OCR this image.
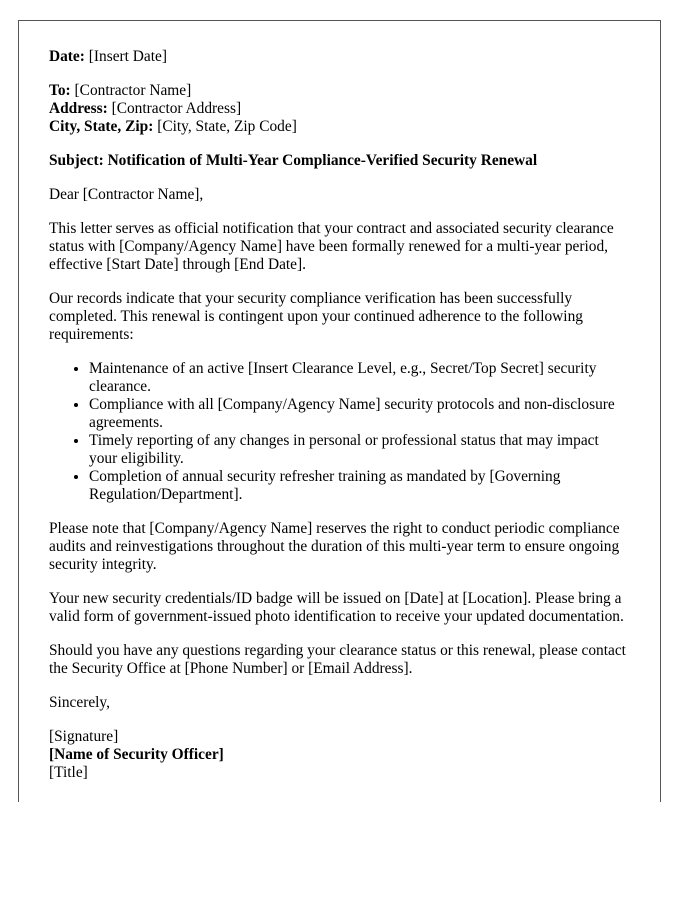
Date: [Insert Date]

To: [Contractor Name]
Address: [Contractor Address]
City, State, Zip: [City, State, Zip Code]

Subject: Notification of Multi-Year Compliance-Verified Security Renewal

Dear [Contractor Name],

This letter serves as official notification that your contract and associated security clearance status with [Company/Agency Name] have been formally renewed for a multi-year period, effective [Start Date] through [End Date].

Our records indicate that your security compliance verification has been successfully completed. This renewal is contingent upon your continued adherence to the following requirements:

• Maintenance of an active [Insert Clearance Level, e.g., Secret/Top Secret] security clearance.
• Compliance with all [Company/Agency Name] security protocols and non-disclosure agreements.
• Timely reporting of any changes in personal or professional status that may impact your eligibility.
• Completion of annual security refresher training as mandated by [Governing Regulation/Department].

Please note that [Company/Agency Name] reserves the right to conduct periodic compliance audits and reinvestigations throughout the duration of this multi-year term to ensure ongoing security integrity.

Your new security credentials/ID badge will be issued on [Date] at [Location]. Please bring a valid form of government-issued photo identification to receive your updated documentation.

Should you have any questions regarding your clearance status or this renewal, please contact the Security Office at [Phone Number] or [Email Address].

Sincerely,

[Signature]

[Name of Security Officer]

[Title]
